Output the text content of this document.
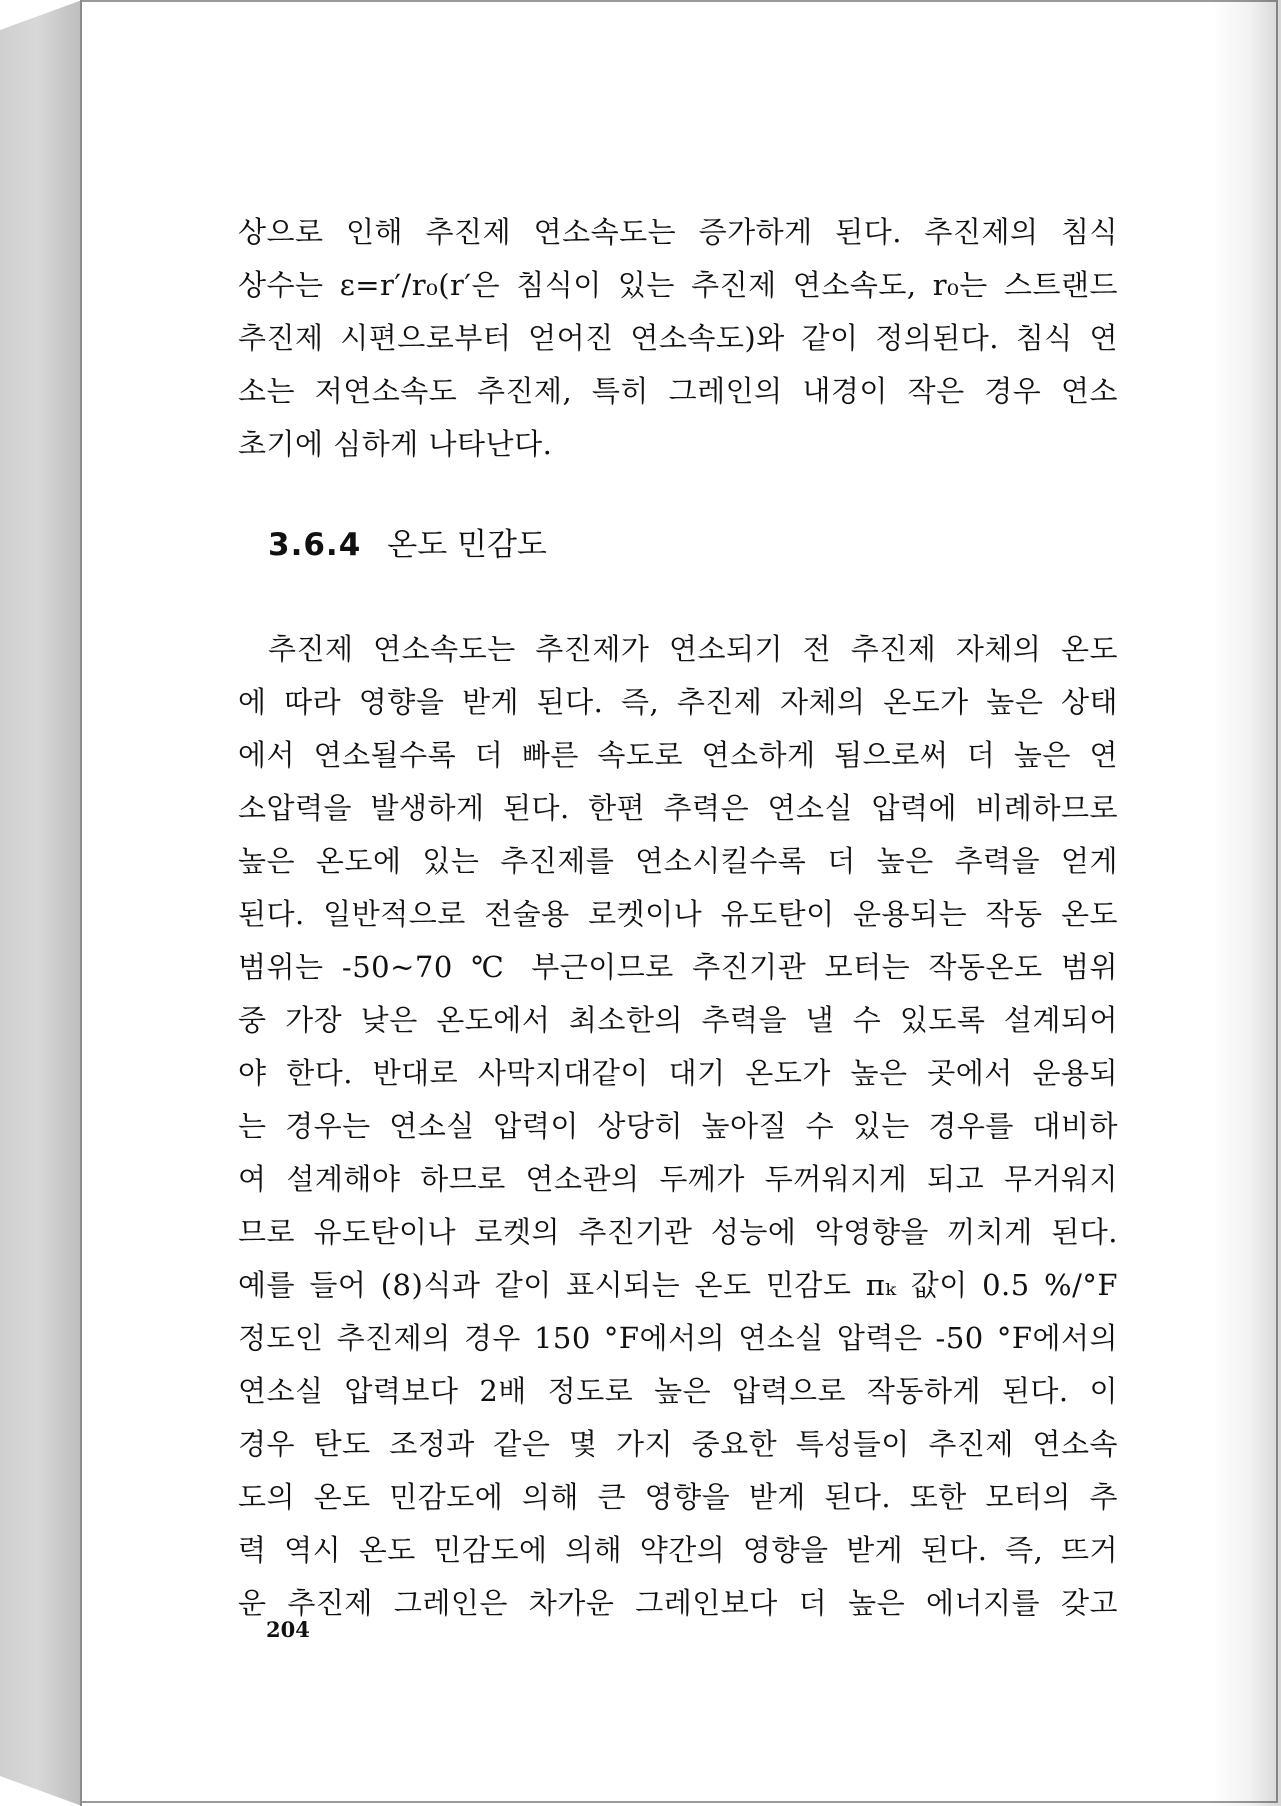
상으로 인해 추진제 연소속도는 증가하게 된다. 추진제의 침식

상수는 ε=r′/r₀(r′은 침식이 있는 추진제 연소속도, r₀는 스트랜드

추진제 시편으로부터 얻어진 연소속도)와 같이 정의된다. 침식 연

소는 저연소속도 추진제, 특히 그레인의 내경이 작은 경우 연소

초기에 심하게 나타난다.

3.6.4 온도 민감도

추진제 연소속도는 추진제가 연소되기 전 추진제 자체의 온도

에 따라 영향을 받게 된다. 즉, 추진제 자체의 온도가 높은 상태

에서 연소될수록 더 빠른 속도로 연소하게 됨으로써 더 높은 연

소압력을 발생하게 된다. 한편 추력은 연소실 압력에 비례하므로

높은 온도에 있는 추진제를 연소시킬수록 더 높은 추력을 얻게

된다. 일반적으로 전술용 로켓이나 유도탄이 운용되는 작동 온도

범위는 -50~70 ℃ 부근이므로 추진기관 모터는 작동온도 범위

중 가장 낮은 온도에서 최소한의 추력을 낼 수 있도록 설계되어

야 한다. 반대로 사막지대같이 대기 온도가 높은 곳에서 운용되

는 경우는 연소실 압력이 상당히 높아질 수 있는 경우를 대비하

여 설계해야 하므로 연소관의 두께가 두꺼워지게 되고 무거워지

므로 유도탄이나 로켓의 추진기관 성능에 악영향을 끼치게 된다.

예를 들어 (8)식과 같이 표시되는 온도 민감도 πₖ 값이 0.5 %/°F

정도인 추진제의 경우 150 °F에서의 연소실 압력은 -50 °F에서의

연소실 압력보다 2배 정도로 높은 압력으로 작동하게 된다. 이

경우 탄도 조정과 같은 몇 가지 중요한 특성들이 추진제 연소속

도의 온도 민감도에 의해 큰 영향을 받게 된다. 또한 모터의 추

력 역시 온도 민감도에 의해 약간의 영향을 받게 된다. 즉, 뜨거

운 추진제 그레인은 차가운 그레인보다 더 높은 에너지를 갖고

204
